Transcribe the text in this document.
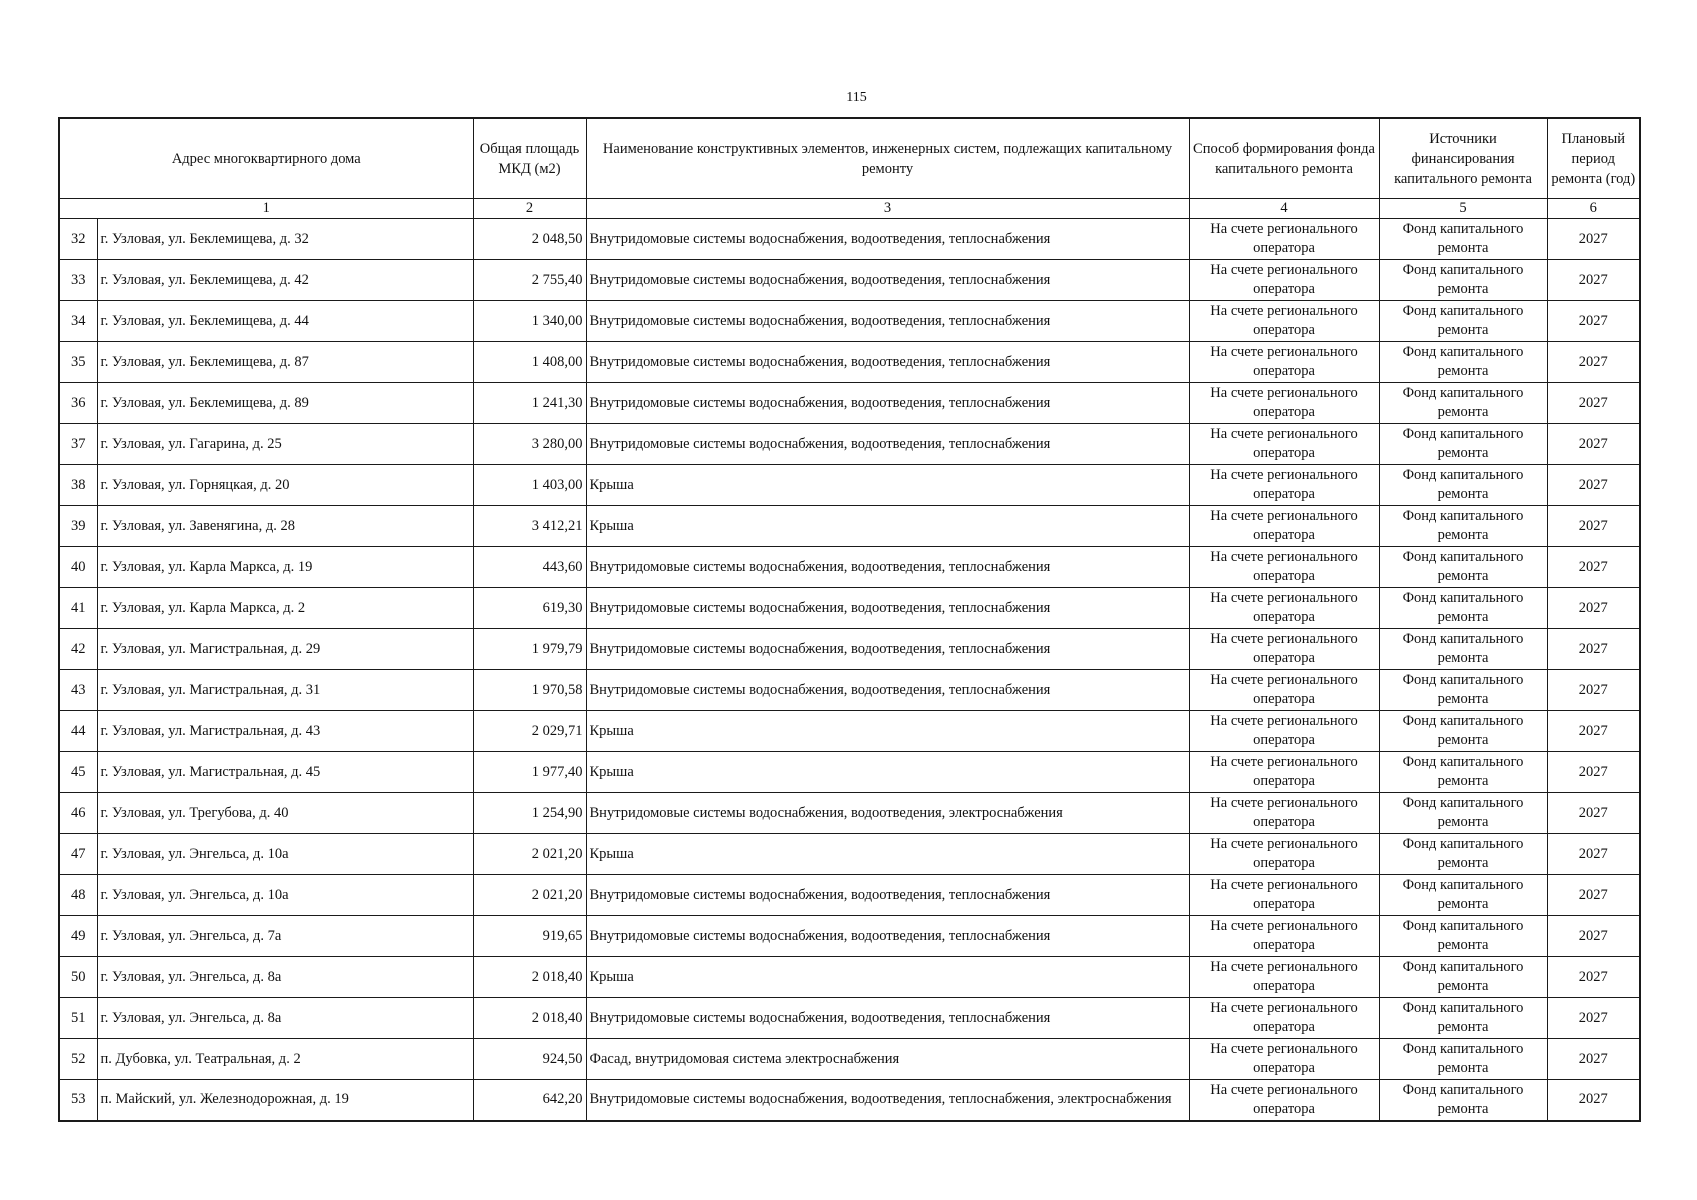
115
Адрес многоквартирного дома		Общая площадь МКД (м2)	Наименование конструктивных элементов, инженерных систем, подлежащих капитальному ремонту	Способ формирования фонда капитального ремонта	Источники финансирования капитального ремонта	Плановый период ремонта (год)
1		2	3	4	5	6
32	г. Узловая, ул. Беклемищева, д. 32	2 048,50	Внутридомовые системы водоснабжения, водоотведения, теплоснабжения	На счете регионального оператора	Фонд капитального ремонта	2027
33	г. Узловая, ул. Беклемищева, д. 42	2 755,40	Внутридомовые системы водоснабжения, водоотведения, теплоснабжения	На счете регионального оператора	Фонд капитального ремонта	2027
34	г. Узловая, ул. Беклемищева, д. 44	1 340,00	Внутридомовые системы водоснабжения, водоотведения, теплоснабжения	На счете регионального оператора	Фонд капитального ремонта	2027
35	г. Узловая, ул. Беклемищева, д. 87	1 408,00	Внутридомовые системы водоснабжения, водоотведения, теплоснабжения	На счете регионального оператора	Фонд капитального ремонта	2027
36	г. Узловая, ул. Беклемищева, д. 89	1 241,30	Внутридомовые системы водоснабжения, водоотведения, теплоснабжения	На счете регионального оператора	Фонд капитального ремонта	2027
37	г. Узловая, ул. Гагарина, д. 25	3 280,00	Внутридомовые системы водоснабжения, водоотведения, теплоснабжения	На счете регионального оператора	Фонд капитального ремонта	2027
38	г. Узловая, ул. Горняцкая, д. 20	1 403,00	Крыша	На счете регионального оператора	Фонд капитального ремонта	2027
39	г. Узловая, ул. Завенягина, д. 28	3 412,21	Крыша	На счете регионального оператора	Фонд капитального ремонта	2027
40	г. Узловая, ул. Карла Маркса, д. 19	443,60	Внутридомовые системы водоснабжения, водоотведения, теплоснабжения	На счете регионального оператора	Фонд капитального ремонта	2027
41	г. Узловая, ул. Карла Маркса, д. 2	619,30	Внутридомовые системы водоснабжения, водоотведения, теплоснабжения	На счете регионального оператора	Фонд капитального ремонта	2027
42	г. Узловая, ул. Магистральная, д. 29	1 979,79	Внутридомовые системы водоснабжения, водоотведения, теплоснабжения	На счете регионального оператора	Фонд капитального ремонта	2027
43	г. Узловая, ул. Магистральная, д. 31	1 970,58	Внутридомовые системы водоснабжения, водоотведения, теплоснабжения	На счете регионального оператора	Фонд капитального ремонта	2027
44	г. Узловая, ул. Магистральная, д. 43	2 029,71	Крыша	На счете регионального оператора	Фонд капитального ремонта	2027
45	г. Узловая, ул. Магистральная, д. 45	1 977,40	Крыша	На счете регионального оператора	Фонд капитального ремонта	2027
46	г. Узловая, ул. Трегубова, д. 40	1 254,90	Внутридомовые системы водоснабжения, водоотведения, электроснабжения	На счете регионального оператора	Фонд капитального ремонта	2027
47	г. Узловая, ул. Энгельса, д. 10а	2 021,20	Крыша	На счете регионального оператора	Фонд капитального ремонта	2027
48	г. Узловая, ул. Энгельса, д. 10а	2 021,20	Внутридомовые системы водоснабжения, водоотведения, теплоснабжения	На счете регионального оператора	Фонд капитального ремонта	2027
49	г. Узловая, ул. Энгельса, д. 7а	919,65	Внутридомовые системы водоснабжения, водоотведения, теплоснабжения	На счете регионального оператора	Фонд капитального ремонта	2027
50	г. Узловая, ул. Энгельса, д. 8а	2 018,40	Крыша	На счете регионального оператора	Фонд капитального ремонта	2027
51	г. Узловая, ул. Энгельса, д. 8а	2 018,40	Внутридомовые системы водоснабжения, водоотведения, теплоснабжения	На счете регионального оператора	Фонд капитального ремонта	2027
52	п. Дубовка, ул. Театральная, д. 2	924,50	Фасад, внутридомовая система электроснабжения	На счете регионального оператора	Фонд капитального ремонта	2027
53	п. Майский, ул. Железнодорожная, д. 19	642,20	Внутридомовые системы водоснабжения, водоотведения, теплоснабжения, электроснабжения	На счете регионального оператора	Фонд капитального ремонта	2027
